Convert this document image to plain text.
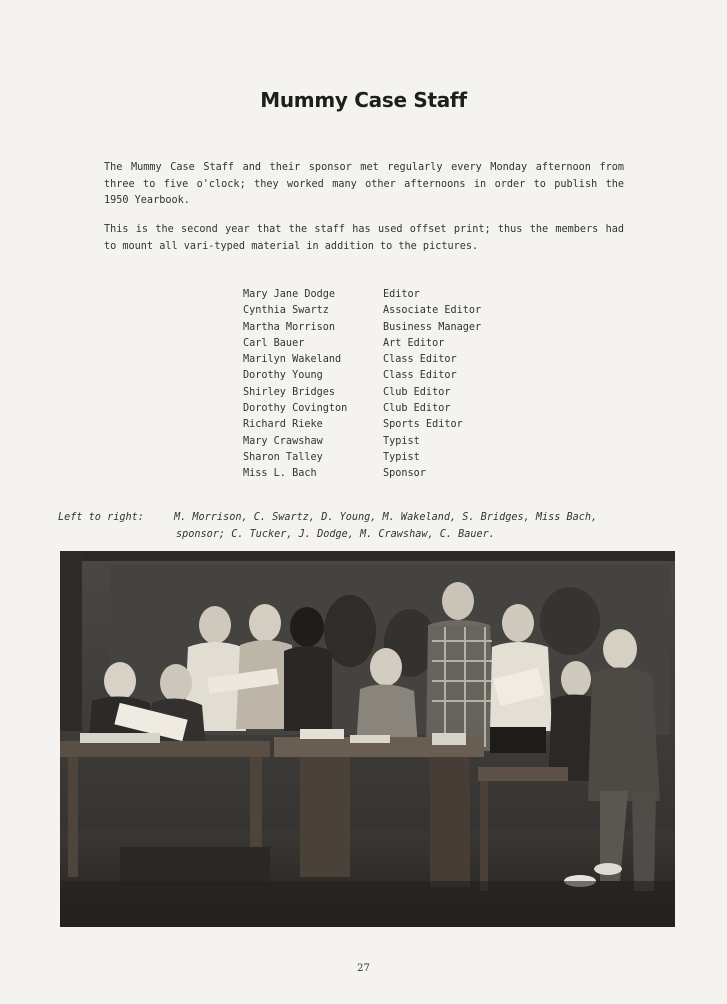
Mummy Case Staff
The Mummy Case Staff and their sponsor met regularly every Monday afternoon from three to five o'clock; they worked many other afternoons in order to publish the 1950 Yearbook.
This is the second year that the staff has used offset print; thus the members had to mount all vari-typed material in addition to the pictures.
Mary Jane Dodge	Editor
Cynthia Swartz	Associate Editor
Martha Morrison	Business Manager
Carl Bauer	Art Editor
Marilyn Wakeland	Class Editor
Dorothy Young	Class Editor
Shirley Bridges	Club Editor
Dorothy Covington	Club Editor
Richard Rieke	Sports Editor
Mary Crawshaw	Typist
Sharon Talley	Typist
Miss L. Bach	Sponsor
Left to right:	M. Morrison, C. Swartz, D. Young, M. Wakeland, S. Bridges, Miss Bach,
sponsor; C. Tucker, J. Dodge, M. Crawshaw, C. Bauer.
27
